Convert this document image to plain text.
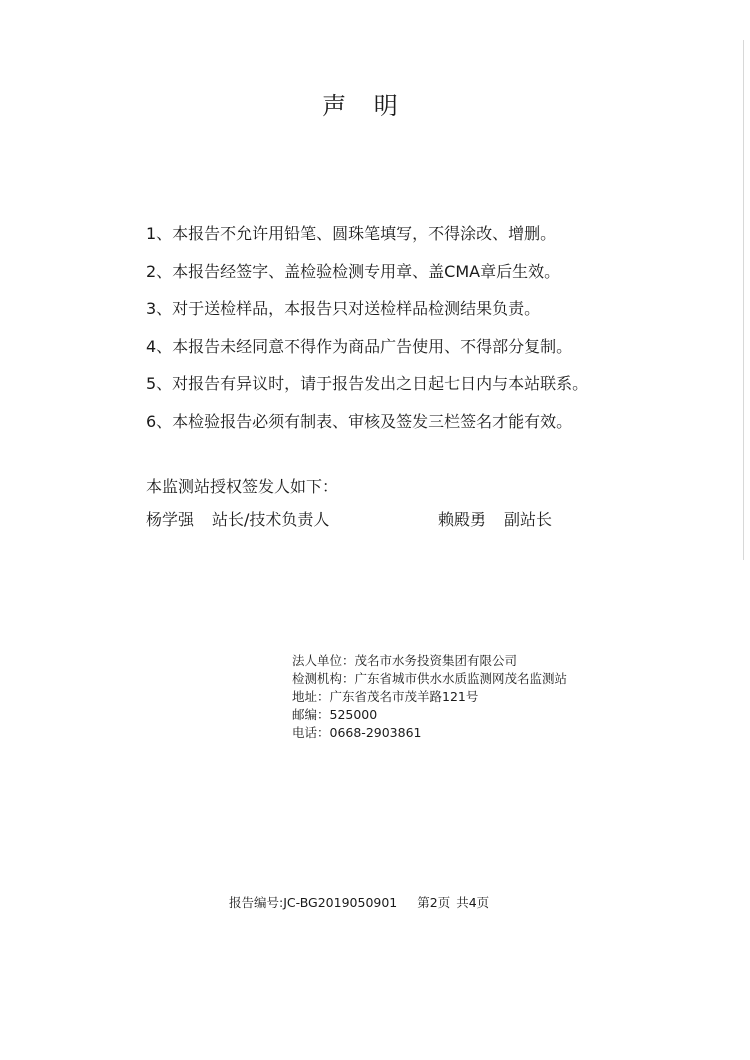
声 明
1、本报告不允许用铅笔、圆珠笔填写，不得涂改、增删。
2、本报告经签字、盖检验检测专用章、盖CMA章后生效。
3、对于送检样品，本报告只对送检样品检测结果负责。
4、本报告未经同意不得作为商品广告使用、不得部分复制。
5、对报告有异议时，请于报告发出之日起七日内与本站联系。
6、本检验报告必须有制表、审核及签发三栏签名才能有效。
本监测站授权签发人如下：
杨学强 站长/技术负责人	赖殿勇 副站长
法人单位：茂名市水务投资集团有限公司
检测机构：广东省城市供水水质监测网茂名监测站
地址：广东省茂名市茂羊路121号
邮编：525000
电话：0668-2903861
报告编号:JC-BG2019050901 第2页 共4页
